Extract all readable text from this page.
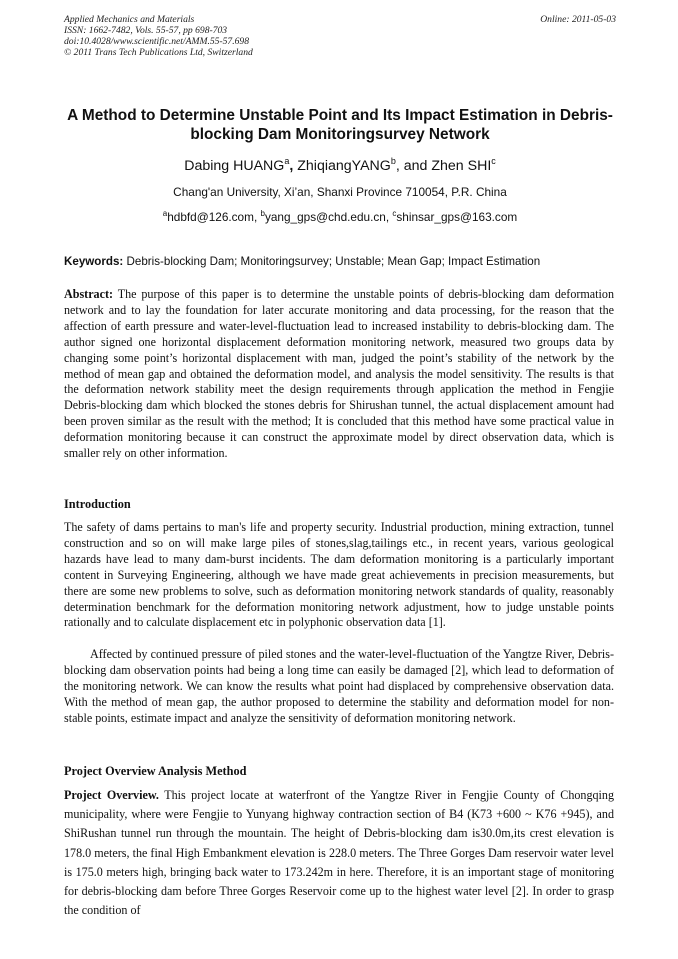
Applied Mechanics and Materials
ISSN: 1662-7482, Vols. 55-57, pp 698-703
doi:10.4028/www.scientific.net/AMM.55-57.698
© 2011 Trans Tech Publications Ltd, Switzerland
Online: 2011-05-03
A Method to Determine Unstable Point and Its Impact Estimation in Debris-blocking Dam Monitoringsurvey Network
Dabing HUANG$^a$, ZhiqiangYANG$^b$, and Zhen SHI$^c$
Chang'an University, Xi’an, Shanxi Province 710054, P.R. China
$^a$hdbfd@126.com, $^b$yang_gps@chd.edu.cn, $^c$shinsar_gps@163.com
Keywords: Debris-blocking Dam; Monitoringsurvey; Unstable; Mean Gap; Impact Estimation

Abstract: The purpose of this paper is to determine the unstable points of debris-blocking dam deformation network and to lay the foundation for later accurate monitoring and data processing, for the reason that the affection of earth pressure and water-level-fluctuation lead to increased instability to debris-blocking dam. The author signed one horizontal displacement deformation monitoring network, measured two groups data by changing some point’s horizontal displacement with man, judged the point’s stability of the network by the method of mean gap and obtained the deformation model, and analysis the model sensitivity. The results is that the deformation network stability meet the design requirements through application the method in Fengjie Debris-blocking dam which blocked the stones debris for Shirushan tunnel, the actual displacement amount had been proven similar as the result with the method; It is concluded that this method have some practical value in deformation monitoring because it can construct the approximate model by direct observation data, which is smaller rely on other information.

Introduction

The safety of dams pertains to man's life and property security. Industrial production, mining extraction, tunnel construction and so on will make large piles of stones,slag,tailings etc., in recent years, various geological hazards have lead to many dam-burst incidents. The dam deformation monitoring is a particularly important content in Surveying Engineering, although we have made great achievements in precision measurements, but there are some new problems to solve, such as deformation monitoring network standards of quality, reasonably determination benchmark for the deformation monitoring network adjustment, how to judge unstable points rationally and to calculate displacement etc in polyphonic observation data [1].

Affected by continued pressure of piled stones and the water-level-fluctuation of the Yangtze River, Debris-blocking dam observation points had being a long time can easily be damaged [2], which lead to deformation of the monitoring network. We can know the results what point had displaced by comprehensive observation data. With the method of mean gap, the author proposed to determine the stability and deformation model for non-stable points, estimate impact and analyze the sensitivity of deformation monitoring network.

Project Overview Analysis Method

Project Overview. This project locate at waterfront of the Yangtze River in Fengjie County of Chongqing municipality, where were Fengjie to Yunyang highway contraction section of B4 (K73 +600 ~ K76 +945), and ShiRushan tunnel run through the mountain. The height of Debris-blocking dam is30.0m,its crest elevation is 178.0 meters, the final High Embankment elevation is 228.0 meters. The Three Gorges Dam reservoir water level is 175.0 meters high, bringing back water to 173.242m in here. Therefore, it is an important stage of monitoring for debris-blocking dam before Three Gorges Reservoir come up to the highest water level [2]. In order to grasp the condition of
